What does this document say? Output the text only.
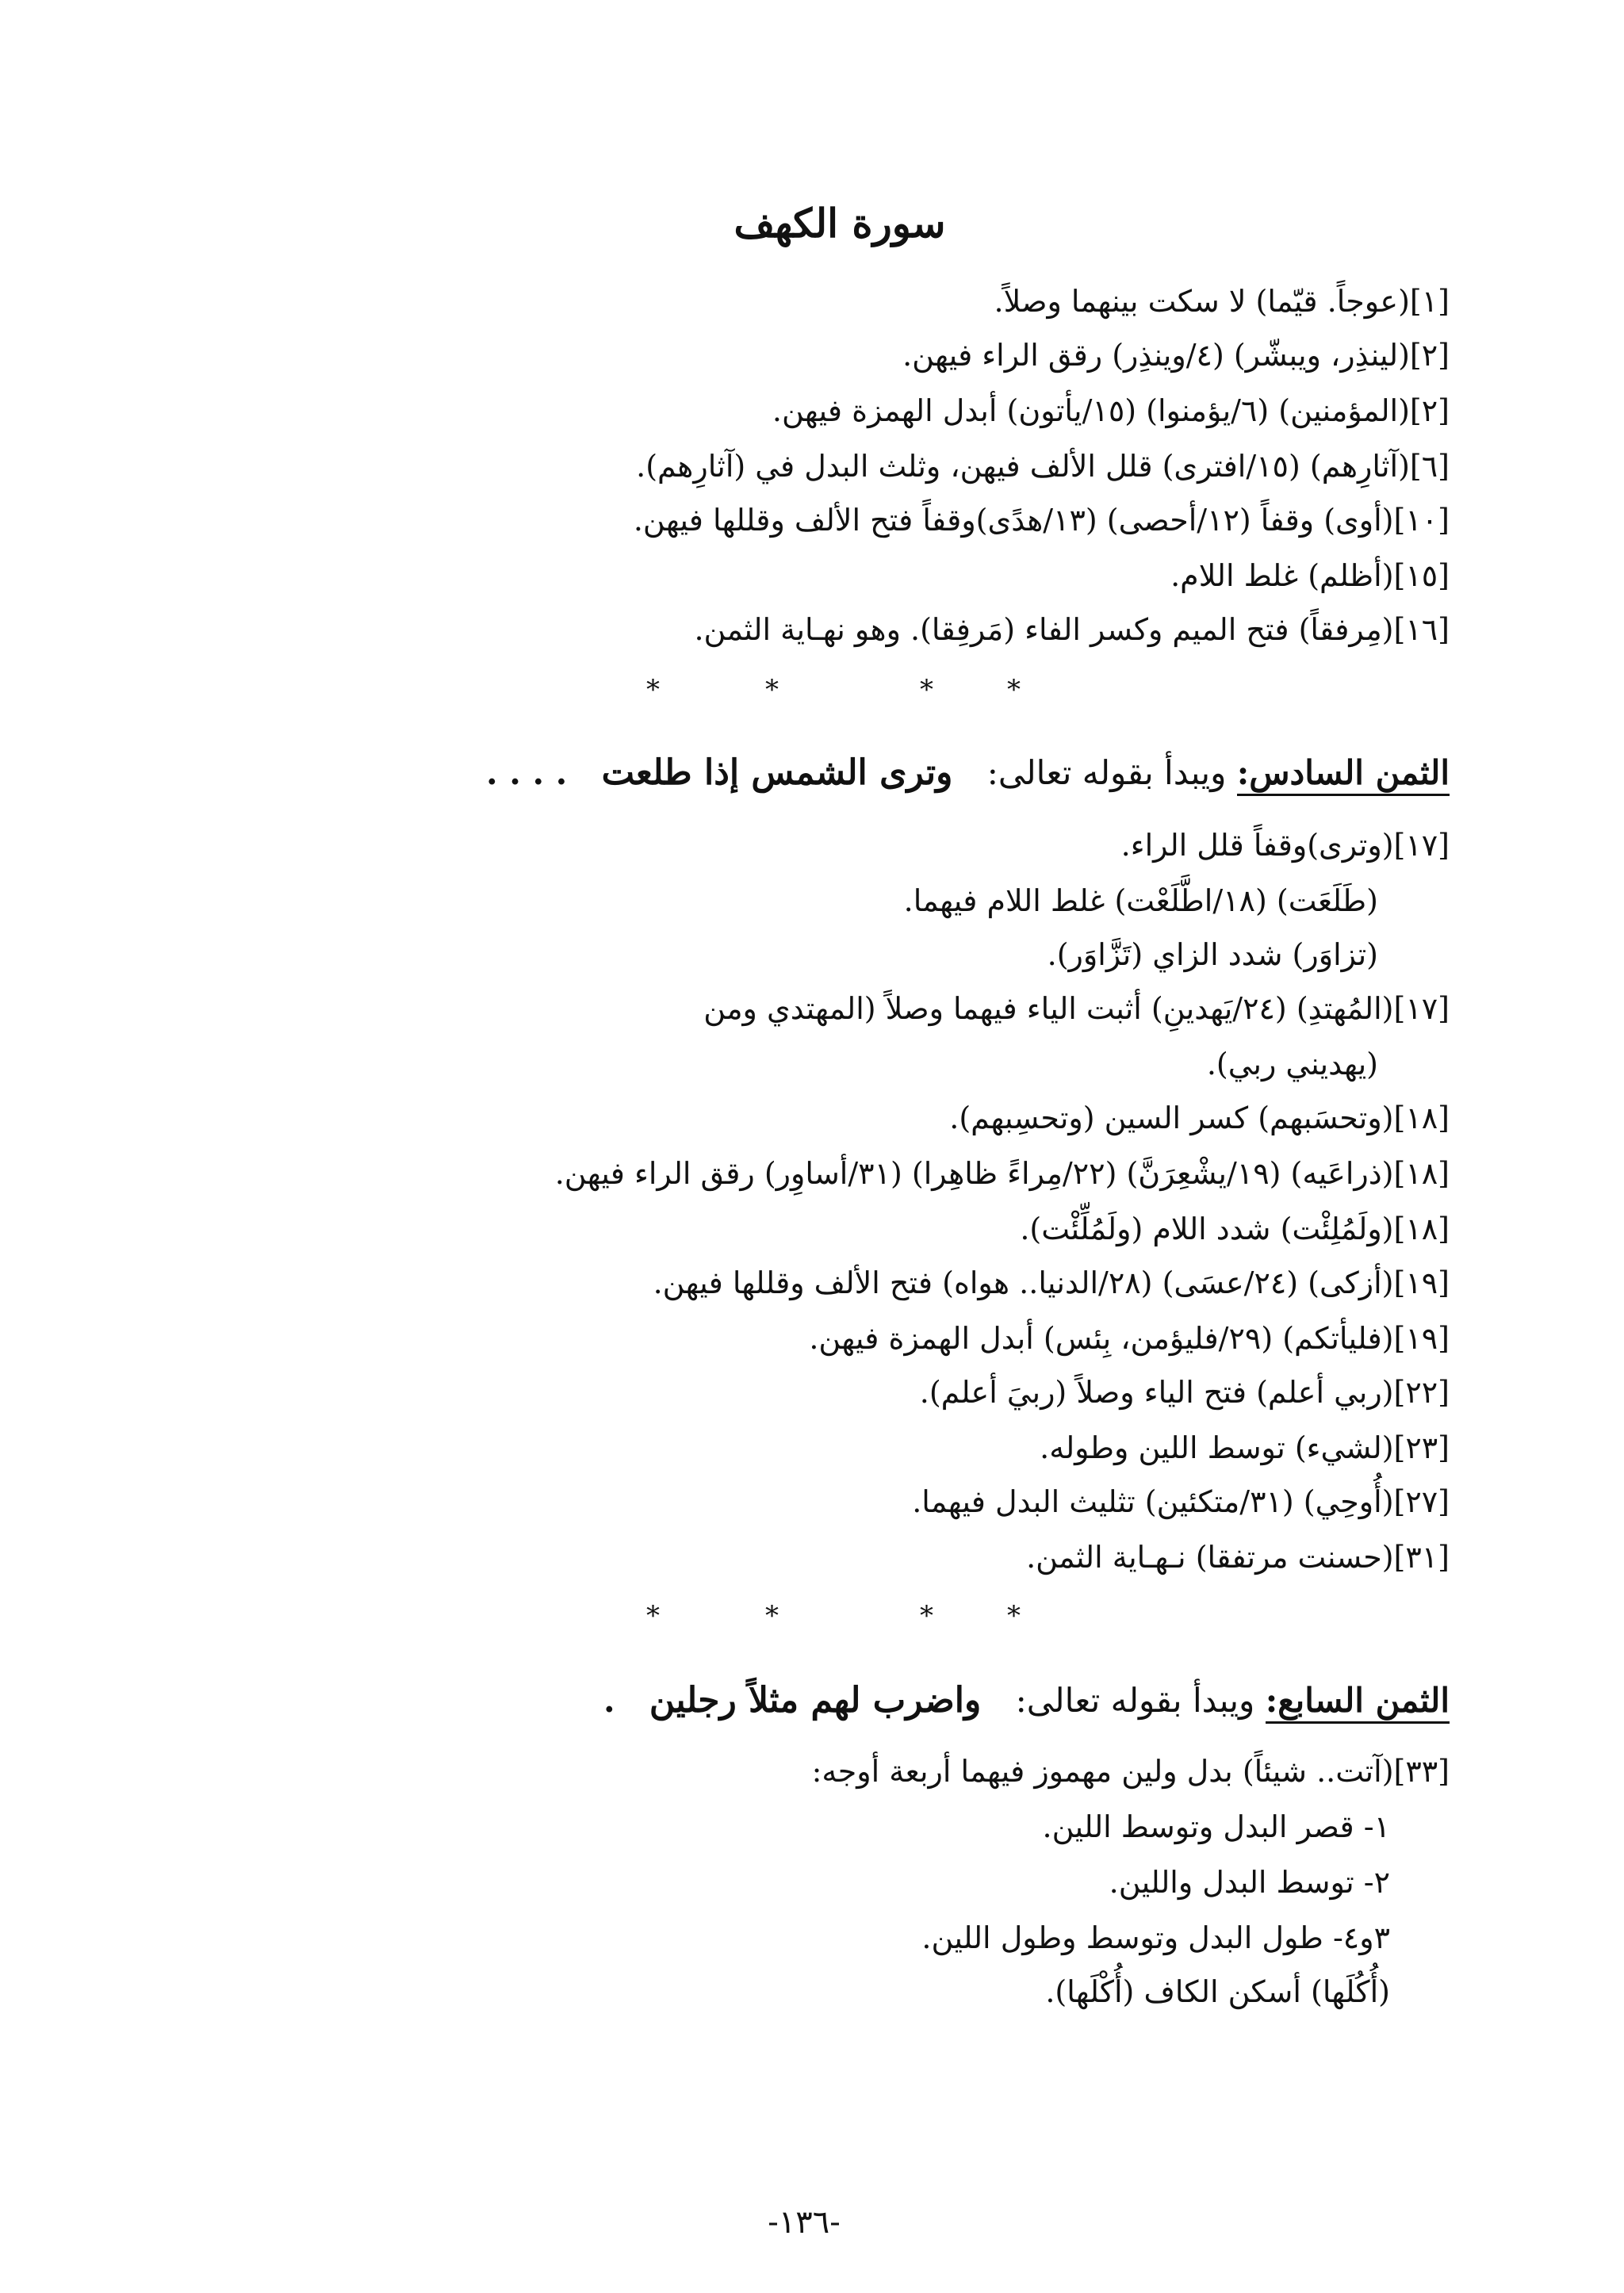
سورة الكهف
[١](عوجاً. قيّما) لا سكت بينهما وصلاً.
[٢](لينذِر، ويبشّر) (٤/وينذِر) رقق الراء فيهن.
[٢](المؤمنين) (٦/يؤمنوا) (١٥/يأتون) أبدل الهمزة فيهن.
[٦](آثارِهم) (١٥/افترى) قلل الألف فيهن، وثلث البدل في (آثارِهم).
[١٠](أوى) وقفاً (١٢/أحصى) (١٣/هدًى)وقفاً فتح الألف وقللها فيهن.
[١٥](أظلم) غلط اللام.
[١٦](مِرفقاً) فتح الميم وكسر الفاء (مَرفِقا). وهو نهـاية الثمن.
*	*	*	*
الثمن السادس: ويبدأ بقوله تعالى: وترى الشمس إذا طلعت . . . .
[١٧](وترى)وقفاً قلل الراء.
(طَلَعَت) (١٨/اطَّلَعْت) غلط اللام فيهما.
(تزاوَر) شدد الزاي (تَزَّاوَر).
[١٧](المُهتدِ) (٢٤/يَهدينِ) أثبت الياء فيهما وصلاً (المهتدي ومن
(يهديني ربي).
[١٨](وتحسَبهم) كسر السين (وتحسِبهم).
[١٨](ذراعَيه) (١٩/يشْعِرَنَّ) (٢٢/مِراءً ظاهِرا) (٣١/أساوِر) رقق الراء فيهن.
[١٨](ولَمُلِئْت) شدد اللام (ولَمُلِّئْت).
[١٩](أزكى) (٢٤/عسَى) (٢٨/الدنيا.. هواه) فتح الألف وقللها فيهن.
[١٩](فليأتكم) (٢٩/فليؤمن، بِئس) أبدل الهمزة فيهن.
[٢٢](ربي أعلم) فتح الياء وصلاً (ربيَ أعلم).
[٢٣](لشيء) توسط اللين وطوله.
[٢٧](أُوحِي) (٣١/متكئين) تثليث البدل فيهما.
[٣١](حسنت مرتفقا) نـهـاية الثمن.
*	*	*	*
الثمن السابع: ويبدأ بقوله تعالى: واضرب لهم مثلاً رجلين .
[٣٣](آتت.. شيئاً) بدل ولين مهموز فيهما أربعة أوجه:
١- قصر البدل وتوسط اللين.
٢- توسط البدل واللين.
٣و٤- طول البدل وتوسط وطول اللين.
(أُكُلَها) أسكن الكاف (أُكْلَها).
-١٣٦-
